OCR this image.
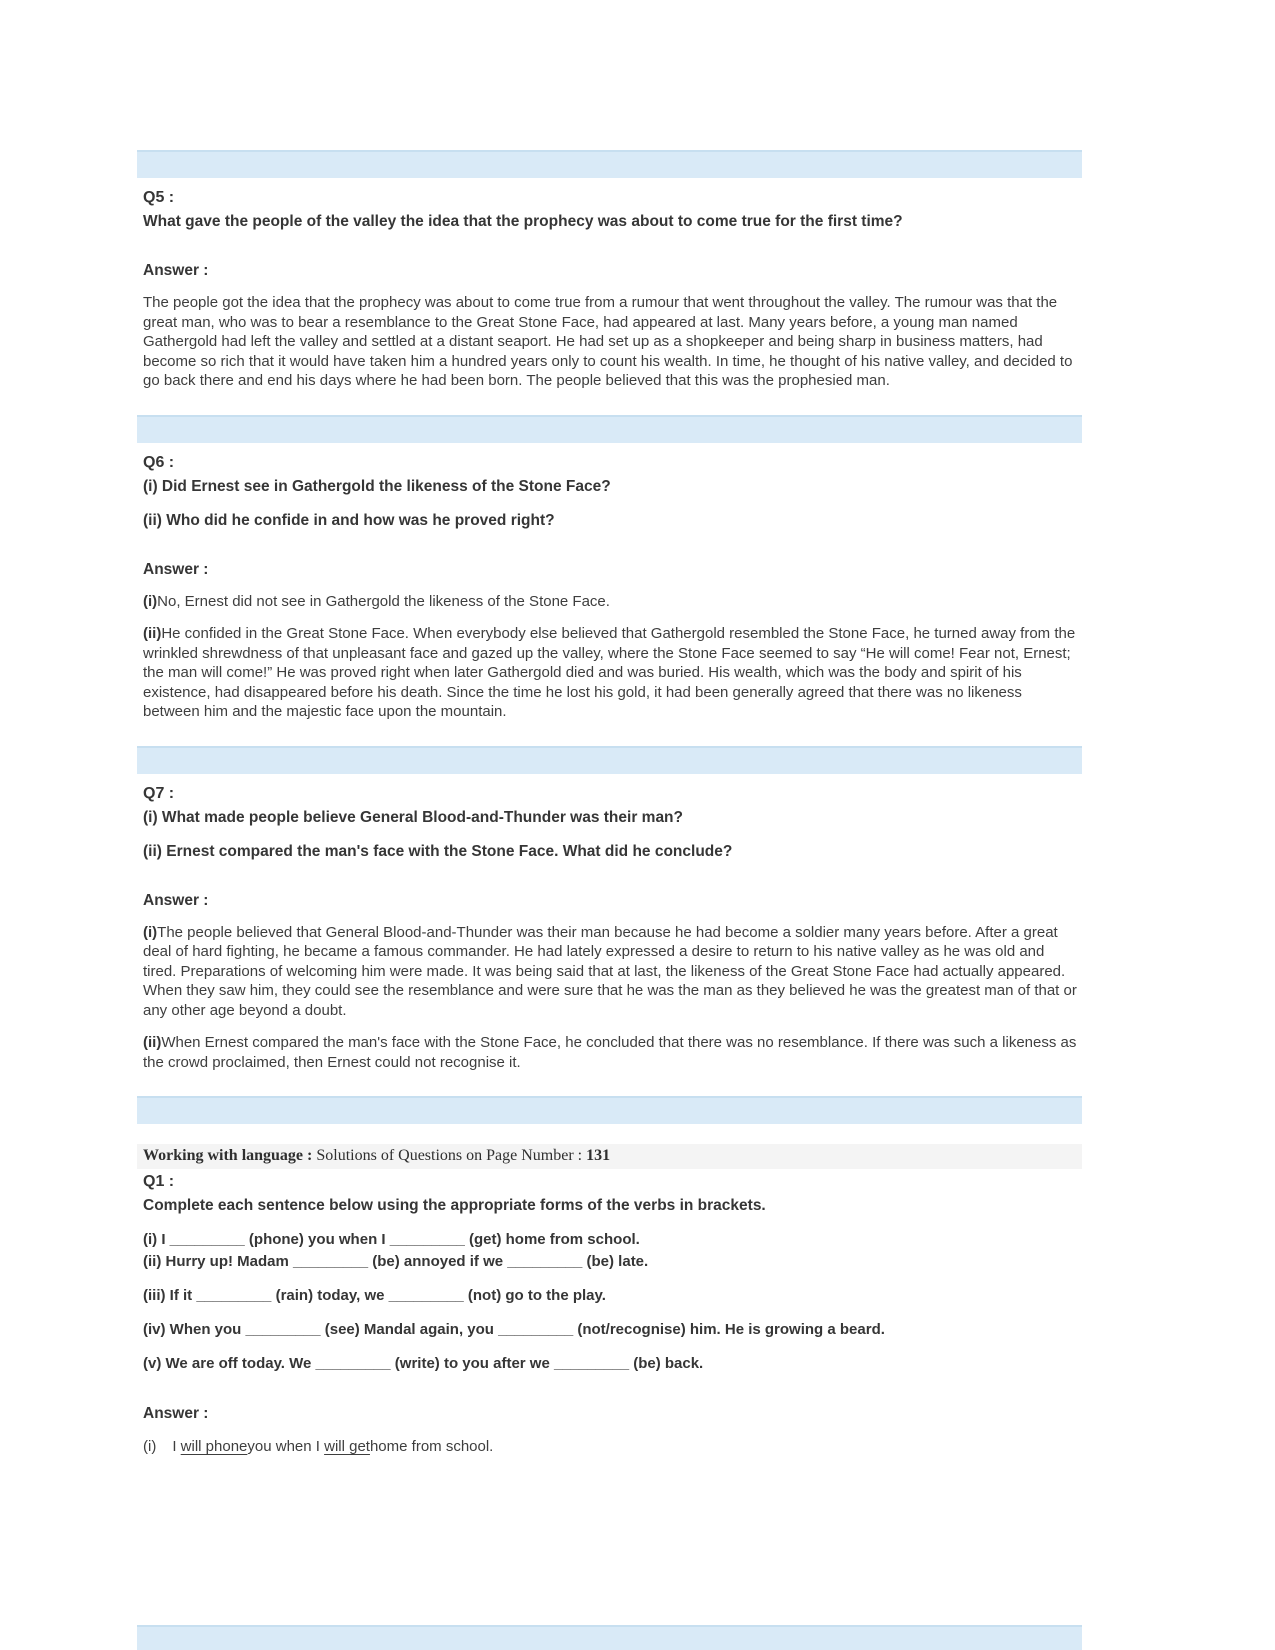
Q5 :
What gave the people of the valley the idea that the prophecy was about to come true for the first time?
Answer :
The people got the idea that the prophecy was about to come true from a rumour that went throughout the valley. The rumour was that the great man, who was to bear a resemblance to the Great Stone Face, had appeared at last. Many years before, a young man named Gathergold had left the valley and settled at a distant seaport. He had set up as a shopkeeper and being sharp in business matters, had become so rich that it would have taken him a hundred years only to count his wealth. In time, he thought of his native valley, and decided to go back there and end his days where he had been born. The people believed that this was the prophesied man.
Q6 :
(i) Did Ernest see in Gathergold the likeness of the Stone Face?
(ii) Who did he confide in and how was he proved right?
Answer :
(i)No, Ernest did not see in Gathergold the likeness of the Stone Face.
(ii)He confided in the Great Stone Face. When everybody else believed that Gathergold resembled the Stone Face, he turned away from the wrinkled shrewdness of that unpleasant face and gazed up the valley, where the Stone Face seemed to say “He will come! Fear not, Ernest; the man will come!” He was proved right when later Gathergold died and was buried. His wealth, which was the body and spirit of his existence, had disappeared before his death. Since the time he lost his gold, it had been generally agreed that there was no likeness between him and the majestic face upon the mountain.
Q7 :
(i) What made people believe General Blood-and-Thunder was their man?
(ii) Ernest compared the man's face with the Stone Face. What did he conclude?
Answer :
(i)The people believed that General Blood-and-Thunder was their man because he had become a soldier many years before. After a great deal of hard fighting, he became a famous commander. He had lately expressed a desire to return to his native valley as he was old and tired. Preparations of welcoming him were made. It was being said that at last, the likeness of the Great Stone Face had actually appeared. When they saw him, they could see the resemblance and were sure that he was the man as they believed he was the greatest man of that or any other age beyond a doubt.
(ii)When Ernest compared the man's face with the Stone Face, he concluded that there was no resemblance. If there was such a likeness as the crowd proclaimed, then Ernest could not recognise it.
Working with language : Solutions of Questions on Page Number : 131
Q1 :
Complete each sentence below using the appropriate forms of the verbs in brackets.
(i) I _________ (phone) you when I _________ (get) home from school.
(ii) Hurry up! Madam _________ (be) annoyed if we _________ (be) late.
(iii) If it _________ (rain) today, we _________ (not) go to the play.
(iv) When you _________ (see) Mandal again, you _________ (not/recognise) him. He is growing a beard.
(v) We are off today. We _________ (write) to you after we _________ (be) back.
Answer :
(i) I will phoneyou when I will gethome from school.
